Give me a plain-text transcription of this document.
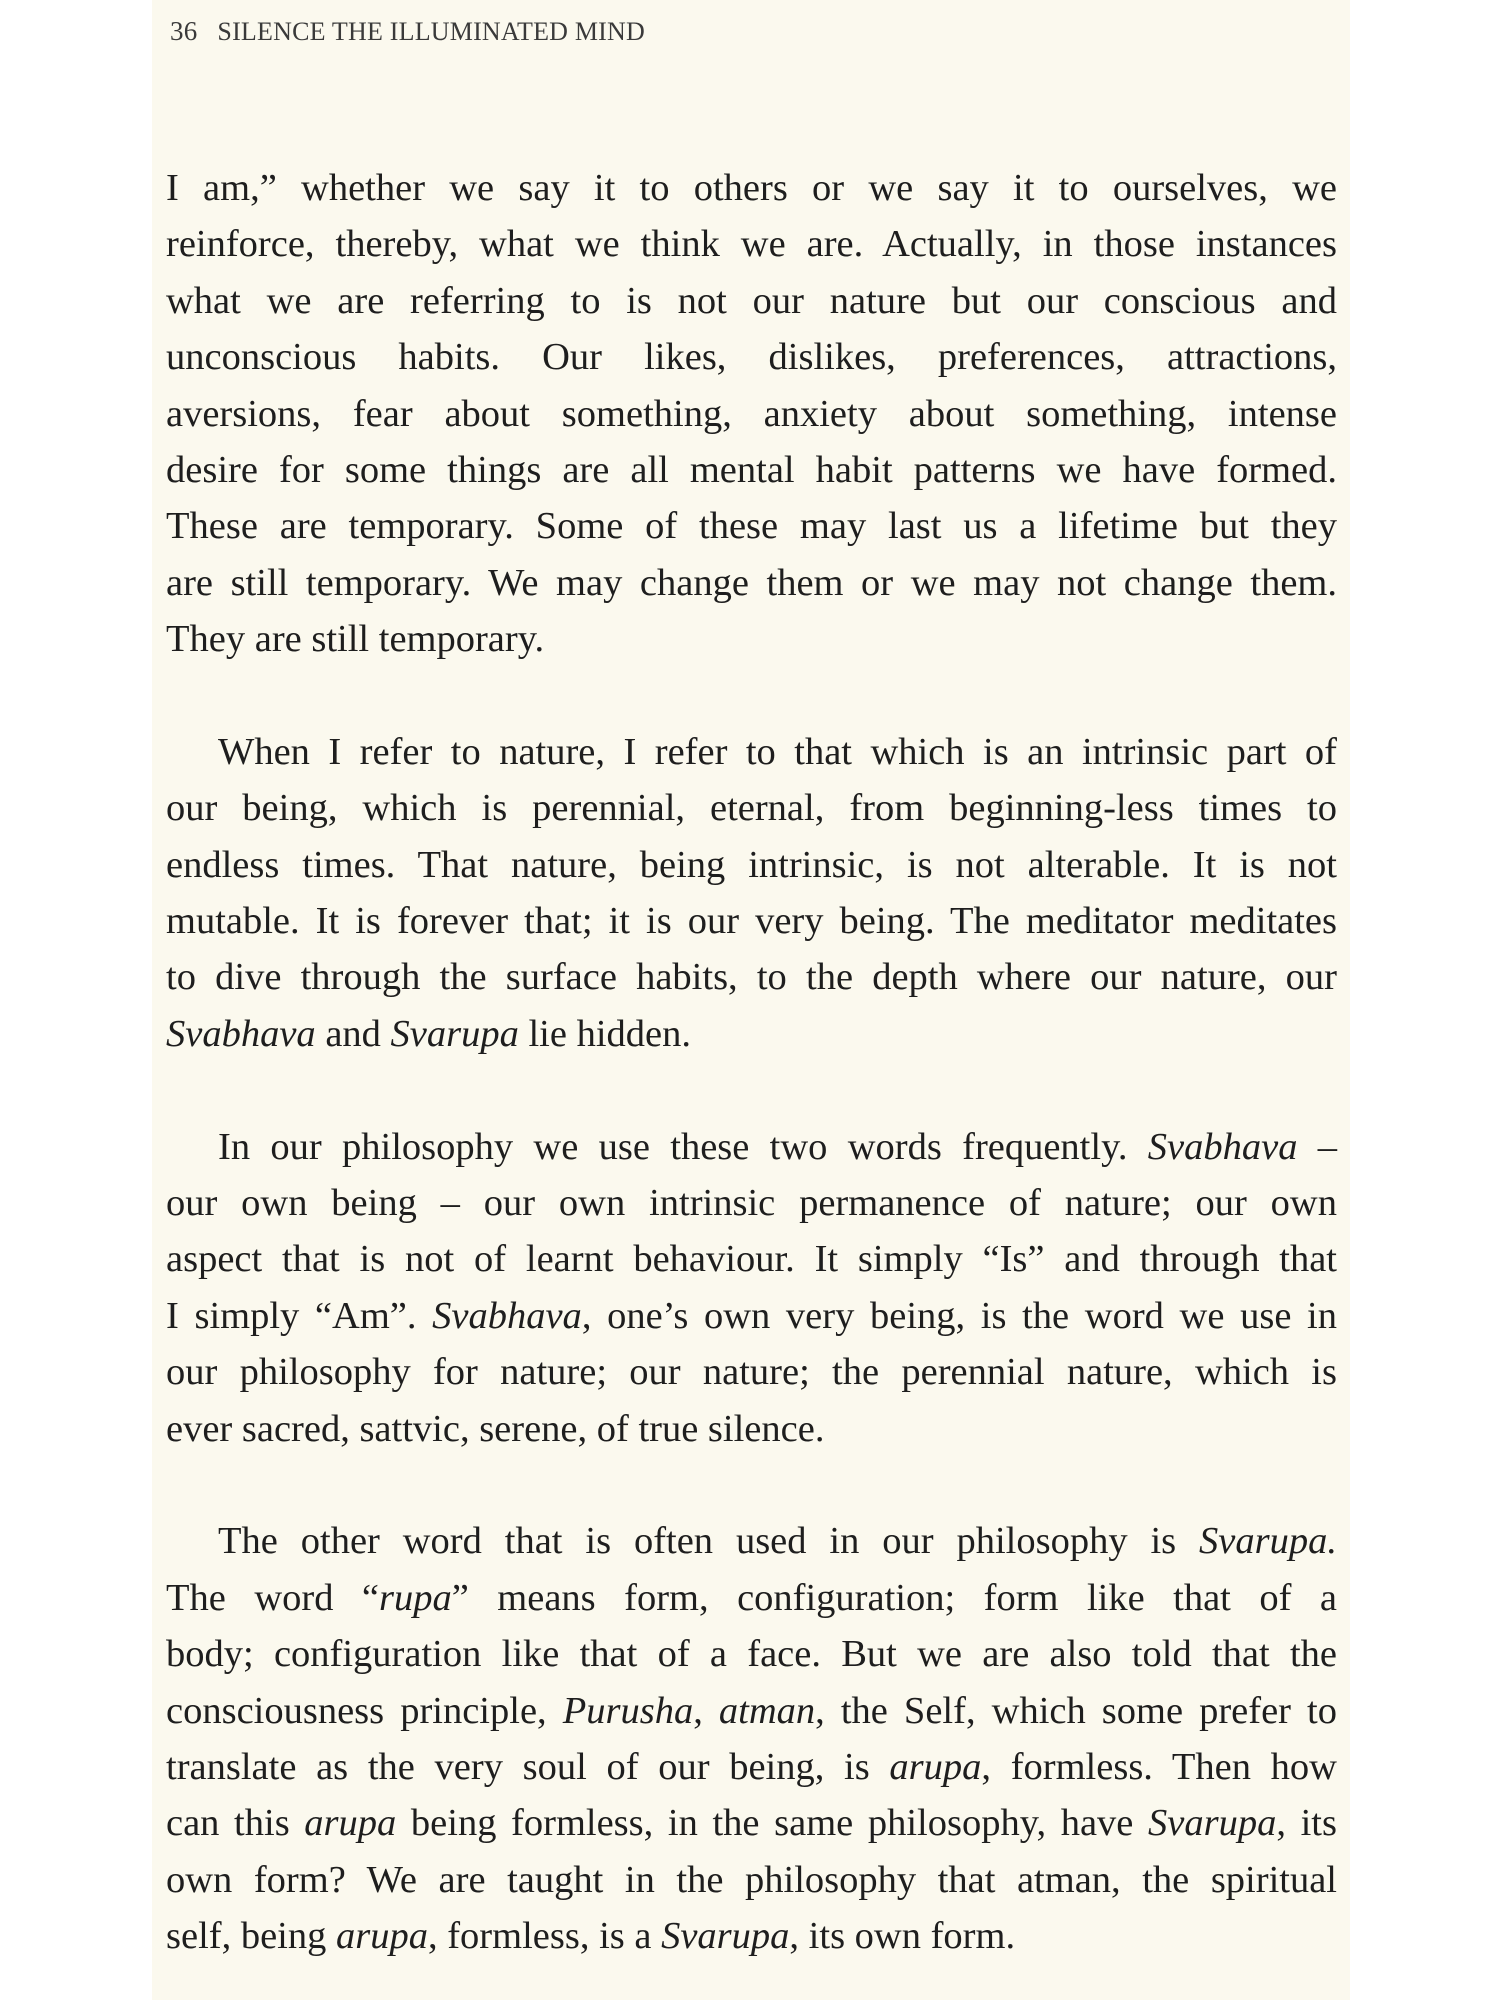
36 SILENCE THE ILLUMINATED MIND
I am,” whether we say it to others or we say it to ourselves, we
reinforce, thereby, what we think we are. Actually, in those instances
what we are referring to is not our nature but our conscious and
unconscious habits. Our likes, dislikes, preferences, attractions,
aversions, fear about something, anxiety about something, intense
desire for some things are all mental habit patterns we have formed.
These are temporary. Some of these may last us a lifetime but they
are still temporary. We may change them or we may not change them.
They are still temporary.
When I refer to nature, I refer to that which is an intrinsic part of
our being, which is perennial, eternal, from beginning-less times to
endless times. That nature, being intrinsic, is not alterable. It is not
mutable. It is forever that; it is our very being. The meditator meditates
to dive through the surface habits, to the depth where our nature, our
Svabhava and Svarupa lie hidden.
In our philosophy we use these two words frequently. Svabhava –
our own being – our own intrinsic permanence of nature; our own
aspect that is not of learnt behaviour. It simply “Is” and through that
I simply “Am”. Svabhava, one’s own very being, is the word we use in
our philosophy for nature; our nature; the perennial nature, which is
ever sacred, sattvic, serene, of true silence.
The other word that is often used in our philosophy is Svarupa.
The word “rupa” means form, configuration; form like that of a
body; configuration like that of a face. But we are also told that the
consciousness principle, Purusha, atman, the Self, which some prefer to
translate as the very soul of our being, is arupa, formless. Then how
can this arupa being formless, in the same philosophy, have Svarupa, its
own form? We are taught in the philosophy that atman, the spiritual
self, being arupa, formless, is a Svarupa, its own form.
